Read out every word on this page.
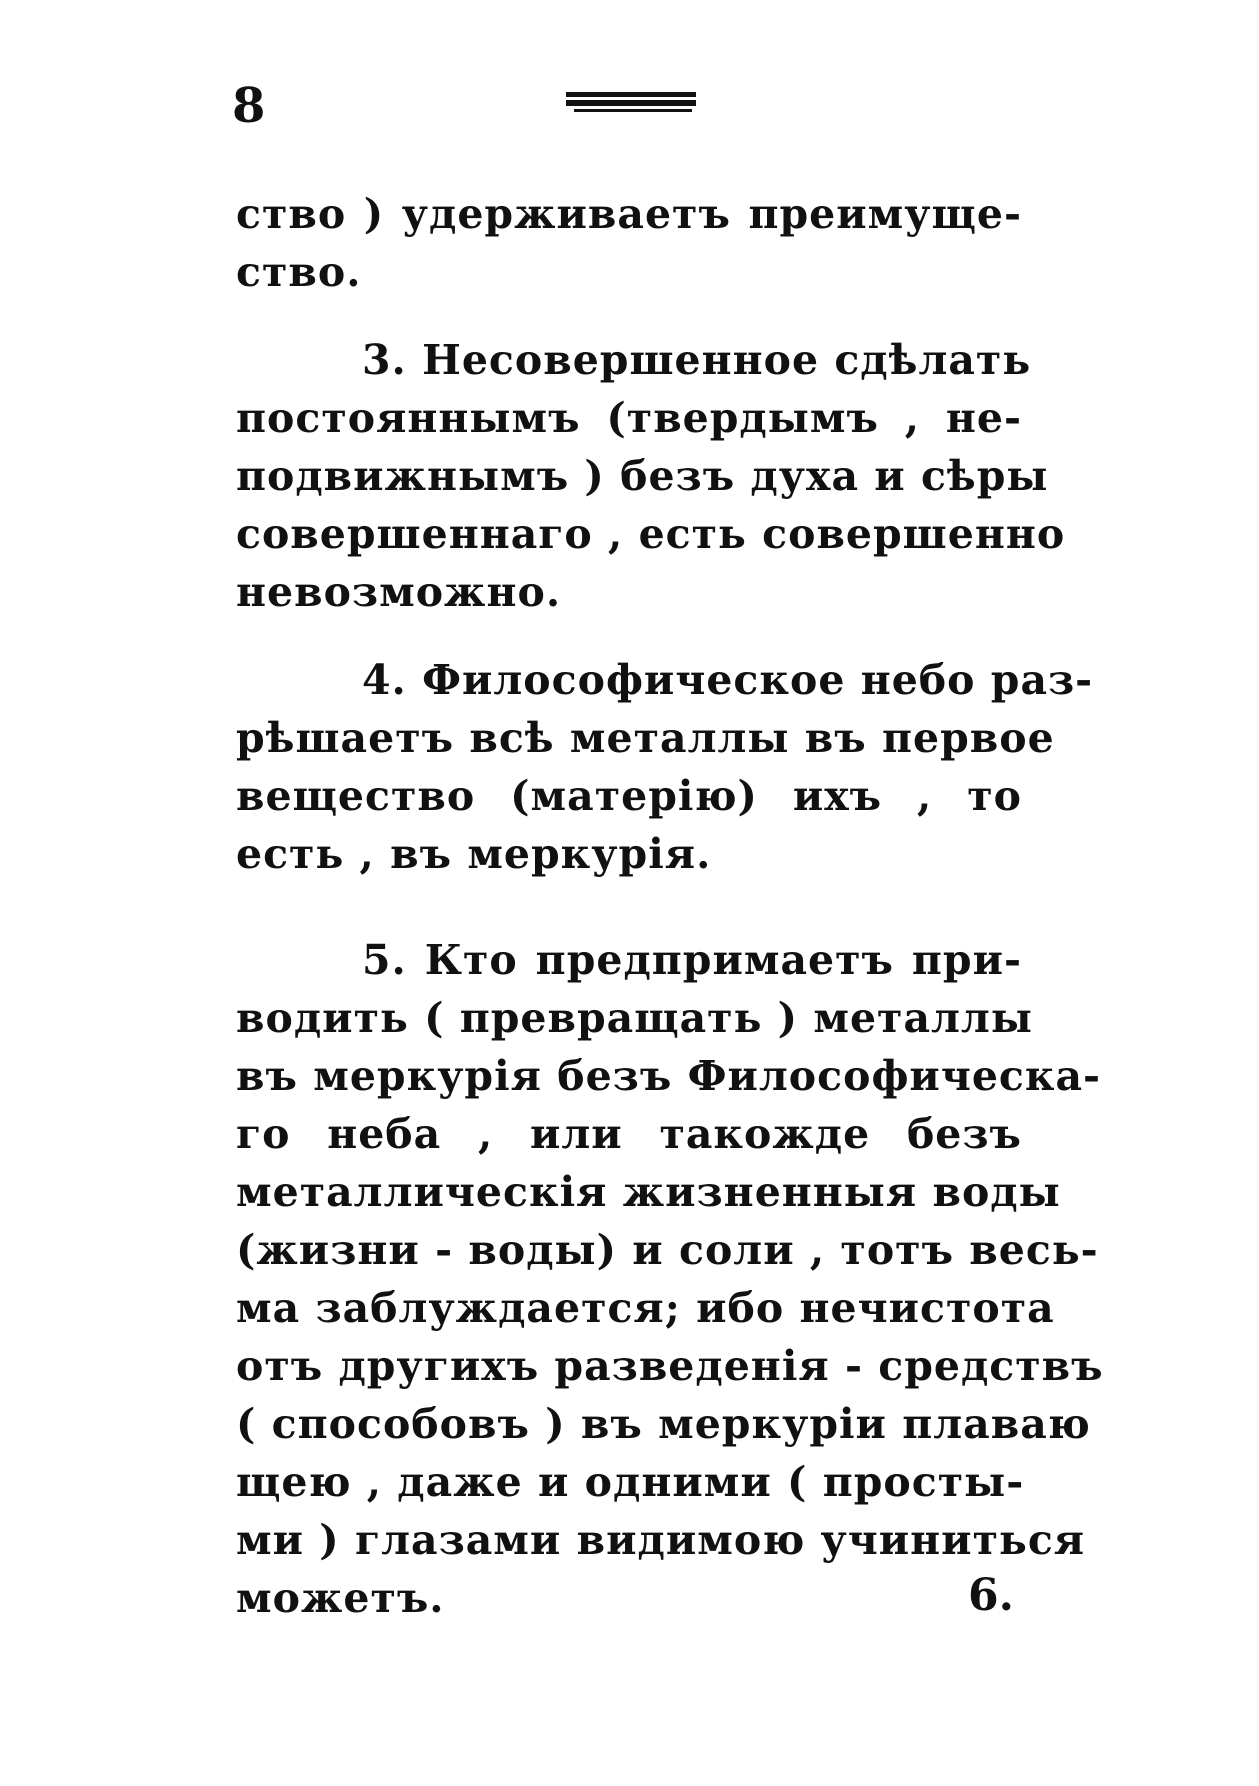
8
ство ) удерживаетъ преимущe-
ство.
3. Несовершенное сдѣлать
постояннымъ (твердымъ , не-
подвижнымъ ) безъ духа и сѣры
совершеннаго , есть совершенно
невозможно.
4. Философическое небо раз-
рѣшаетъ всѣ металлы въ первое
вещество (матерію) ихъ , то
есть , въ меркурія.
5. Кто предпримаетъ при-
водить ( превращать ) металлы
въ меркурія безъ Философическа-
го неба , или такожде безъ
металлическія жизненныя воды
(жизни - воды) и соли , тотъ весь-
ма заблуждается; ибо нечистота
отъ другихъ разведенія - средствъ
( способовъ ) въ меркуріи плаваю
щею , даже и одними ( просты-
ми ) глазами видимою учиниться
можетъ.	6.
